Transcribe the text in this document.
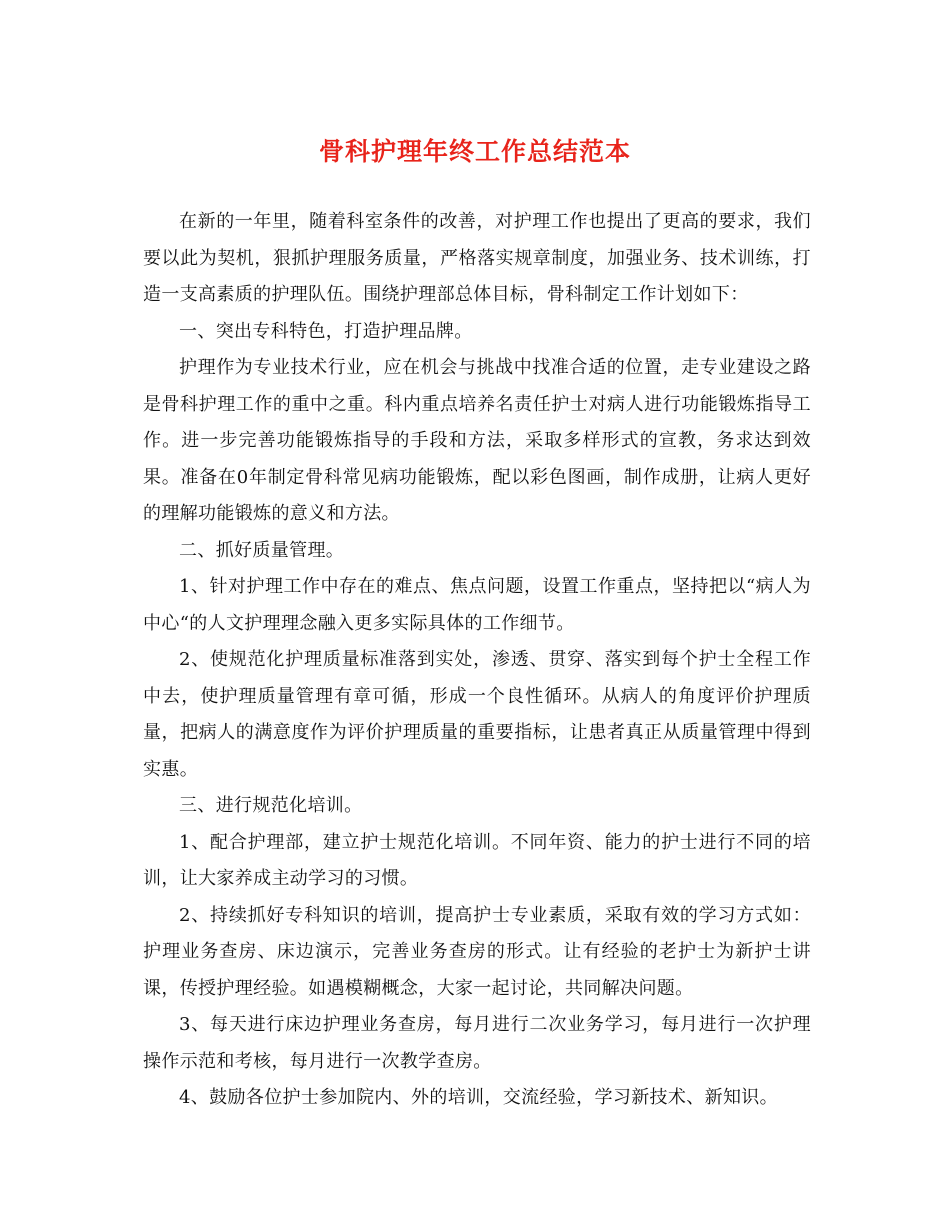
骨科护理年终工作总结范本

在新的一年里，随着科室条件的改善，对护理工作也提出了更高的要求，我们要以此为契机，狠抓护理服务质量，严格落实规章制度，加强业务、技术训练，打造一支高素质的护理队伍。围绕护理部总体目标，骨科制定工作计划如下：

一、突出专科特色，打造护理品牌。

护理作为专业技术行业，应在机会与挑战中找准合适的位置，走专业建设之路是骨科护理工作的重中之重。科内重点培养名责任护士对病人进行功能锻炼指导工作。进一步完善功能锻炼指导的手段和方法，采取多样形式的宣教，务求达到效果。准备在0年制定骨科常见病功能锻炼，配以彩色图画，制作成册，让病人更好的理解功能锻炼的意义和方法。

二、抓好质量管理。

1、针对护理工作中存在的难点、焦点问题，设置工作重点，坚持把以“病人为中心“的人文护理理念融入更多实际具体的工作细节。

2、使规范化护理质量标准落到实处，渗透、贯穿、落实到每个护士全程工作中去，使护理质量管理有章可循，形成一个良性循环。从病人的角度评价护理质量，把病人的满意度作为评价护理质量的重要指标，让患者真正从质量管理中得到实惠。

三、进行规范化培训。

1、配合护理部，建立护士规范化培训。不同年资、能力的护士进行不同的培训，让大家养成主动学习的习惯。

2、持续抓好专科知识的培训，提高护士专业素质，采取有效的学习方式如：护理业务查房、床边演示，完善业务查房的形式。让有经验的老护士为新护士讲课，传授护理经验。如遇模糊概念，大家一起讨论，共同解决问题。

3、每天进行床边护理业务查房，每月进行二次业务学习，每月进行一次护理操作示范和考核，每月进行一次教学查房。

4、鼓励各位护士参加院内、外的培训，交流经验，学习新技术、新知识。
